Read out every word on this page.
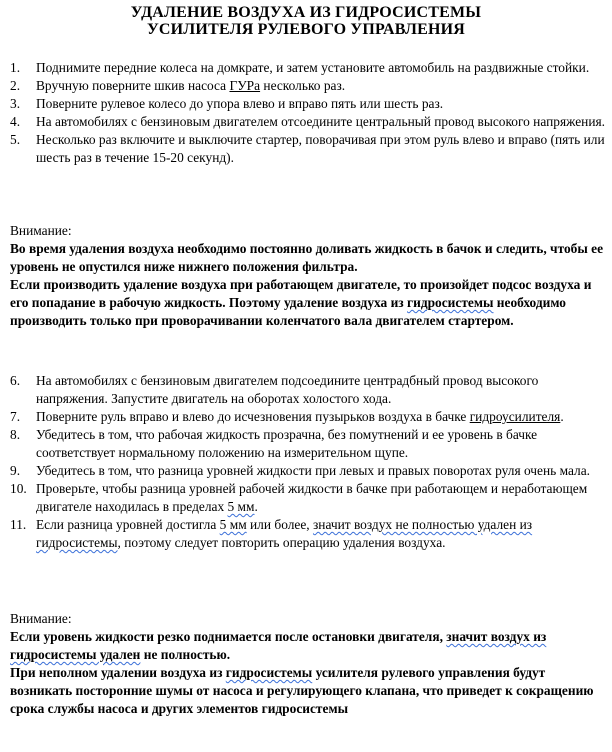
УДАЛЕНИЕ ВОЗДУХА ИЗ ГИДРОСИСТЕМЫ
УСИЛИТЕЛЯ РУЛЕВОГО УПРАВЛЕНИЯ
1. Поднимите передние колеса на домкрате, и затем установите автомобиль на раздвижные стойки.
2. Вручную поверните шкив насоса ГУРа несколько раз.
3. Поверните рулевое колесо до упора влево и вправо пять или шесть раз.
4. На автомобилях с бензиновым двигателем отсоедините центральный провод высокого напряжения.
5. Несколько раз включите и выключите стартер, поворачивая при этом руль влево и вправо (пять или шесть раз в течение 15-20 секунд).
Внимание:
Во время удаления воздуха необходимо постоянно доливать жидкость в бачок и следить, чтобы ее уровень не опустился ниже нижнего положения фильтра.
Если производить удаление воздуха при работающем двигателе, то произойдет подсос воздуха и его попадание в рабочую жидкость. Поэтому удаление воздуха из гидросистемы необходимо производить только при проворачивании коленчатого вала двигателем стартером.
6. На автомобилях с бензиновым двигателем подсоедините центрадбный провод высокого напряжения. Запустите двигатель на оборотах холостого хода.
7. Поверните руль вправо и влево до исчезновения пузырьков воздуха в бачке гидроусилителя.
8. Убедитесь в том, что рабочая жидкость прозрачна, без помутнений и ее уровень в бачке соответствует нормальному положению на измерительном щупе.
9. Убедитесь в том, что разница уровней жидкости при левых и правых поворотах руля очень мала.
10. Проверьте, чтобы разница уровней рабочей жидкости в бачке при работающем и неработающем двигателе находилась в пределах 5 мм.
11. Если разница уровней достигла 5 мм или более, значит воздух не полностью удален из гидросистемы, поэтому следует повторить операцию удаления воздуха.
Внимание:
Если уровень жидкости резко поднимается после остановки двигателя, значит воздух из гидросистемы удален не полностью.
При неполном удалении воздуха из гидросистемы усилителя рулевого управления будут возникать посторонние шумы от насоса и регулирующего клапана, что приведет к сокращению срока службы насоса и других элементов гидросистемы
